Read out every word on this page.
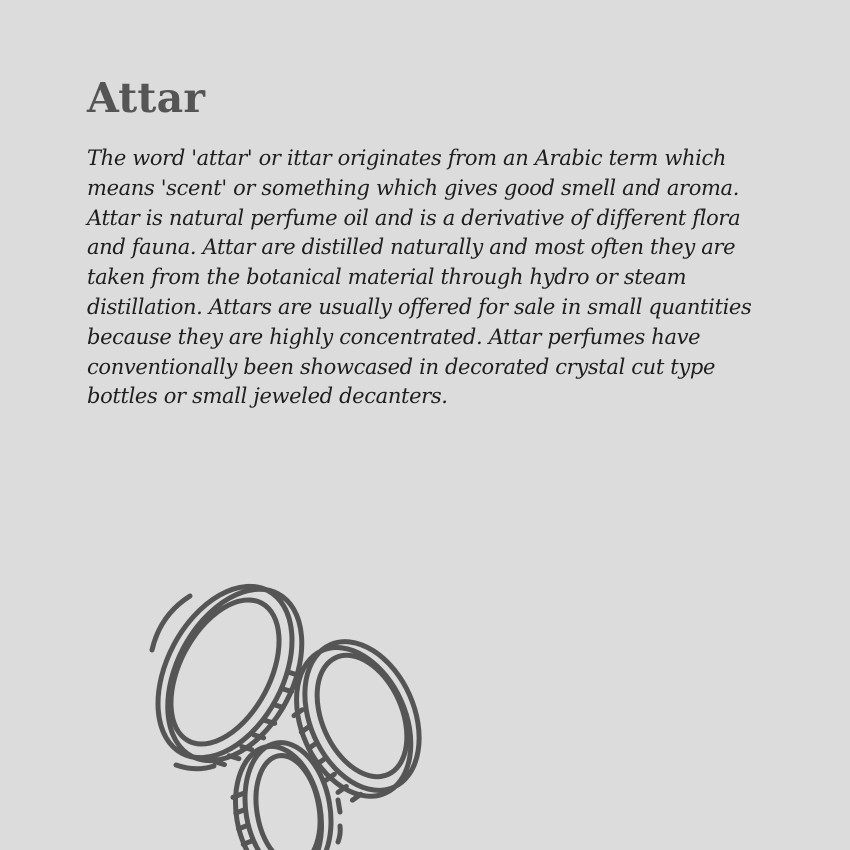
Attar

The word 'attar' or ittar originates from an Arabic term which means 'scent' or something which gives good smell and aroma. Attar is natural perfume oil and is a derivative of different flora and fauna. Attar are distilled naturally and most often they are taken from the botanical material through hydro or steam distillation. Attars are usually offered for sale in small quantities because they are highly concentrated. Attar perfumes have conventionally been showcased in decorated crystal cut type bottles or small jeweled decanters.
